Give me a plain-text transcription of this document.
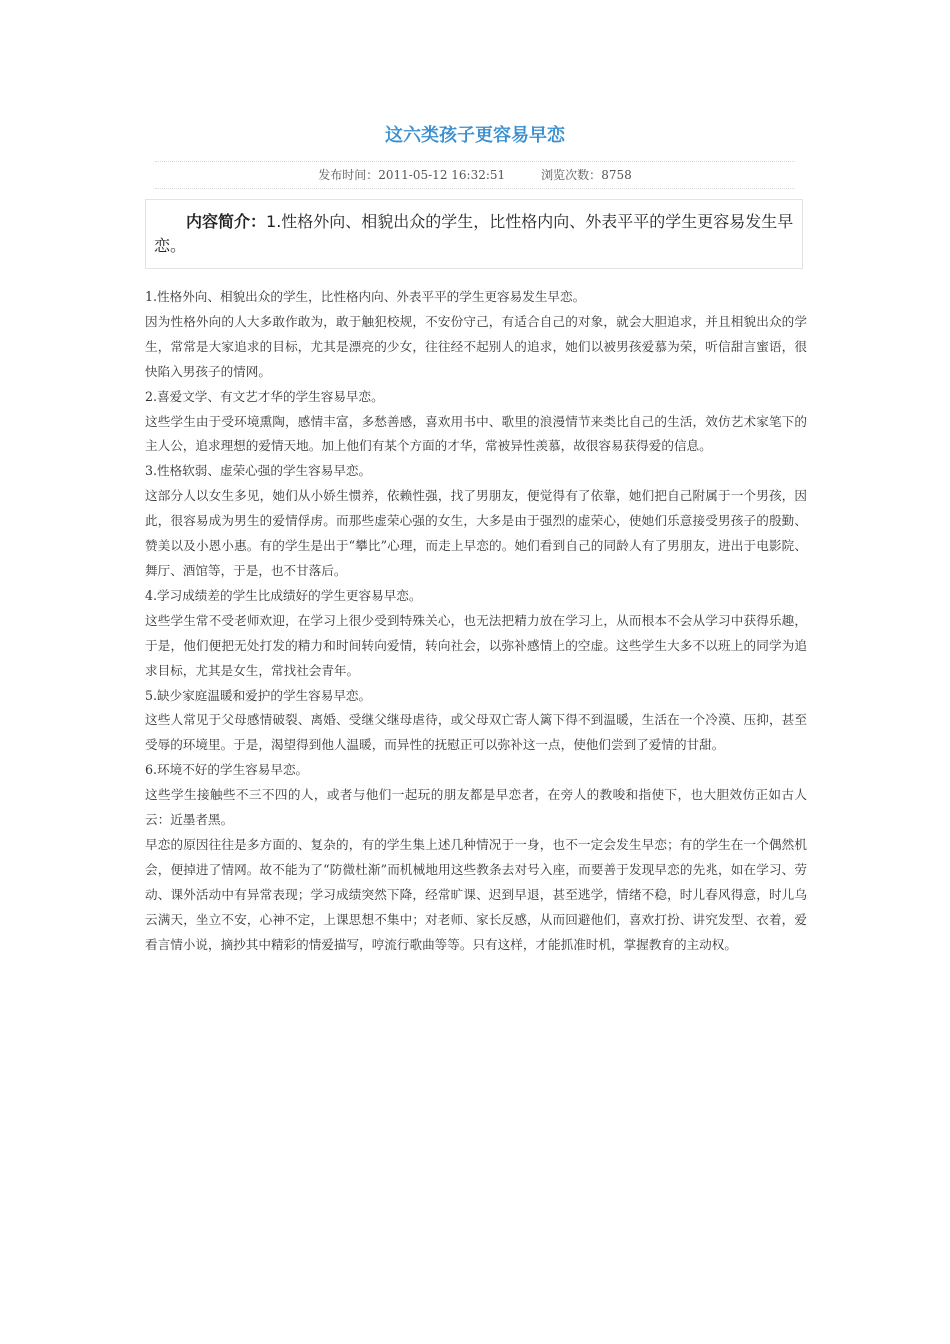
这六类孩子更容易早恋
发布时间：2011-05-12 16:32:51	浏览次数：8758
内容简介：1.性格外向、相貌出众的学生，比性格内向、外表平平的学生更容易发生早恋。

1.性格外向、相貌出众的学生，比性格内向、外表平平的学生更容易发生早恋。

因为性格外向的人大多敢作敢为，敢于触犯校规，不安份守己，有适合自己的对象，就会大胆追求，并且相貌出众的学生，常常是大家追求的目标，尤其是漂亮的少女，往往经不起别人的追求，她们以被男孩爱慕为荣，听信甜言蜜语，很快陷入男孩子的情网。

2.喜爱文学、有文艺才华的学生容易早恋。

这些学生由于受环境熏陶，感情丰富，多愁善感，喜欢用书中、歌里的浪漫情节来类比自己的生活，效仿艺术家笔下的主人公，追求理想的爱情天地。加上他们有某个方面的才华，常被异性羡慕，故很容易获得爱的信息。

3.性格软弱、虚荣心强的学生容易早恋。

这部分人以女生多见，她们从小娇生惯养，依赖性强，找了男朋友，便觉得有了依靠，她们把自己附属于一个男孩，因此，很容易成为男生的爱情俘虏。而那些虚荣心强的女生，大多是由于强烈的虚荣心，使她们乐意接受男孩子的殷勤、赞美以及小恩小惠。有的学生是出于“攀比”心理，而走上早恋的。她们看到自己的同龄人有了男朋友，进出于电影院、舞厅、酒馆等，于是，也不甘落后。

4.学习成绩差的学生比成绩好的学生更容易早恋。

这些学生常不受老师欢迎，在学习上很少受到特殊关心，也无法把精力放在学习上，从而根本不会从学习中获得乐趣，于是，他们便把无处打发的精力和时间转向爱情，转向社会，以弥补感情上的空虚。这些学生大多不以班上的同学为追求目标，尤其是女生，常找社会青年。

5.缺少家庭温暖和爱护的学生容易早恋。

这些人常见于父母感情破裂、离婚、受继父继母虐待，或父母双亡寄人篱下得不到温暖，生活在一个冷漠、压抑，甚至受辱的环境里。于是，渴望得到他人温暖，而异性的抚慰正可以弥补这一点，使他们尝到了爱情的甘甜。

6.环境不好的学生容易早恋。

这些学生接触些不三不四的人，或者与他们一起玩的朋友都是早恋者，在旁人的教唆和指使下，也大胆效仿正如古人云：近墨者黑。

早恋的原因往往是多方面的、复杂的，有的学生集上述几种情况于一身，也不一定会发生早恋；有的学生在一个偶然机会，便掉进了情网。故不能为了“防微杜渐”而机械地用这些教条去对号入座，而要善于发现早恋的先兆，如在学习、劳动、课外活动中有异常表现；学习成绩突然下降，经常旷课、迟到早退，甚至逃学，情绪不稳，时儿春风得意，时儿乌云满天，坐立不安，心神不定，上课思想不集中；对老师、家长反感，从而回避他们，喜欢打扮、讲究发型、衣着，爱看言情小说，摘抄其中精彩的情爱描写，哼流行歌曲等等。只有这样，才能抓准时机，掌握教育的主动权。
